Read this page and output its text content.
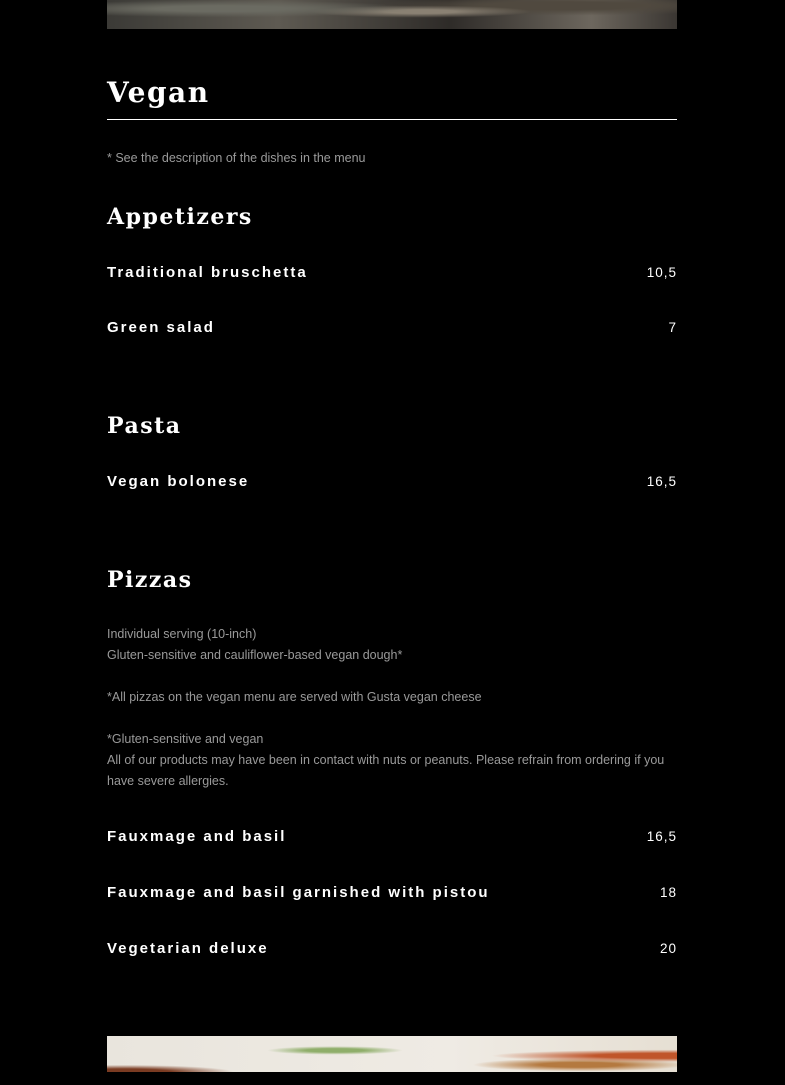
Vegan
* See the description of the dishes in the menu
Appetizers
Traditional bruschetta	10,5
Green salad	7
Pasta
Vegan bolonese	16,5
Pizzas

Individual serving (10-inch)

Gluten-sensitive and cauliflower-based vegan dough*

*All pizzas on the vegan menu are served with Gusta vegan cheese

*Gluten-sensitive and vegan

All of our products may have been in contact with nuts or peanuts. Please refrain from ordering if you have severe allergies.

Fauxmage and basil	16,5
Fauxmage and basil garnished with pistou	18
Vegetarian deluxe	20
